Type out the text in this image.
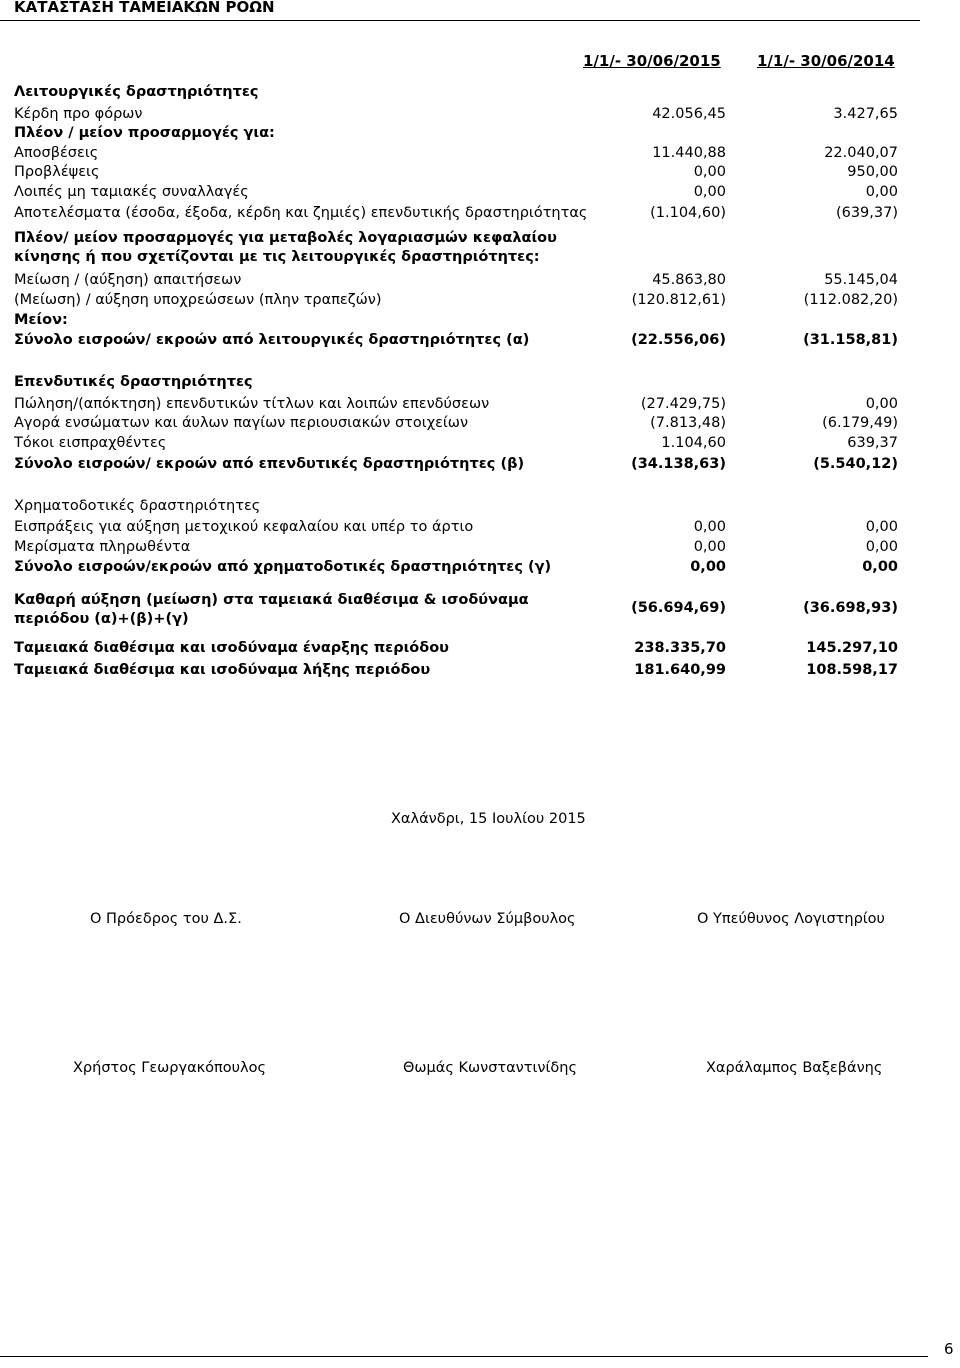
ΚΑΤΑΣΤΑΣΗ ΤΑΜΕΙΑΚΩΝ ΡΟΩΝ
1/1/- 30/06/2015 1/1/- 30/06/2014
Λειτουργικές δραστηριότητες
Κέρδη προ φόρων	42.056,45	3.427,65
Πλέον / μείον προσαρμογές για:
Αποσβέσεις	11.440,88	22.040,07
Προβλέψεις	0,00	950,00
Λοιπές μη ταμιακές συναλλαγές	0,00	0,00
Αποτελέσματα (έσοδα, έξοδα, κέρδη και ζημιές) επενδυτικής δραστηριότητας	(1.104,60)	(639,37)
Πλέον/ μείον προσαρμογές για μεταβολές λογαριασμών κεφαλαίου
κίνησης ή που σχετίζονται με τις λειτουργικές δραστηριότητες:
Μείωση / (αύξηση) απαιτήσεων	45.863,80	55.145,04
(Μείωση) / αύξηση υποχρεώσεων (πλην τραπεζών)	(120.812,61)	(112.082,20)
Μείον:
Σύνολο εισροών/ εκροών από λειτουργικές δραστηριότητες (α)	(22.556,06)	(31.158,81)
Επενδυτικές δραστηριότητες
Πώληση/(απόκτηση) επενδυτικών τίτλων και λοιπών επενδύσεων	(27.429,75)	0,00
Αγορά ενσώματων και άυλων παγίων περιουσιακών στοιχείων	(7.813,48)	(6.179,49)
Τόκοι εισπραχθέντες	1.104,60	639,37
Σύνολο εισροών/ εκροών από επενδυτικές δραστηριότητες (β)	(34.138,63)	(5.540,12)
Χρηματοδοτικές δραστηριότητες
Εισπράξεις για αύξηση μετοχικού κεφαλαίου και υπέρ το άρτιο	0,00	0,00
Μερίσματα πληρωθέντα	0,00	0,00
Σύνολο εισροών/εκροών από χρηματοδοτικές δραστηριότητες (γ)	0,00	0,00
Καθαρή αύξηση (μείωση) στα ταμειακά διαθέσιμα & ισοδύναμα
περιόδου (α)+(β)+(γ)
(56.694,69)	(36.698,93)
Ταμειακά διαθέσιμα και ισοδύναμα έναρξης περιόδου	238.335,70	145.297,10
Ταμειακά διαθέσιμα και ισοδύναμα λήξης περιόδου	181.640,99	108.598,17
Χαλάνδρι, 15 Ιουλίου 2015
Ο Πρόεδρος του Δ.Σ.	Ο Διευθύνων Σύμβουλος	Ο Υπεύθυνος Λογιστηρίου
Χρήστος Γεωργακόπουλος	Θωμάς Κωνσταντινίδης	Χαράλαμπος Βαξεβάνης
6
